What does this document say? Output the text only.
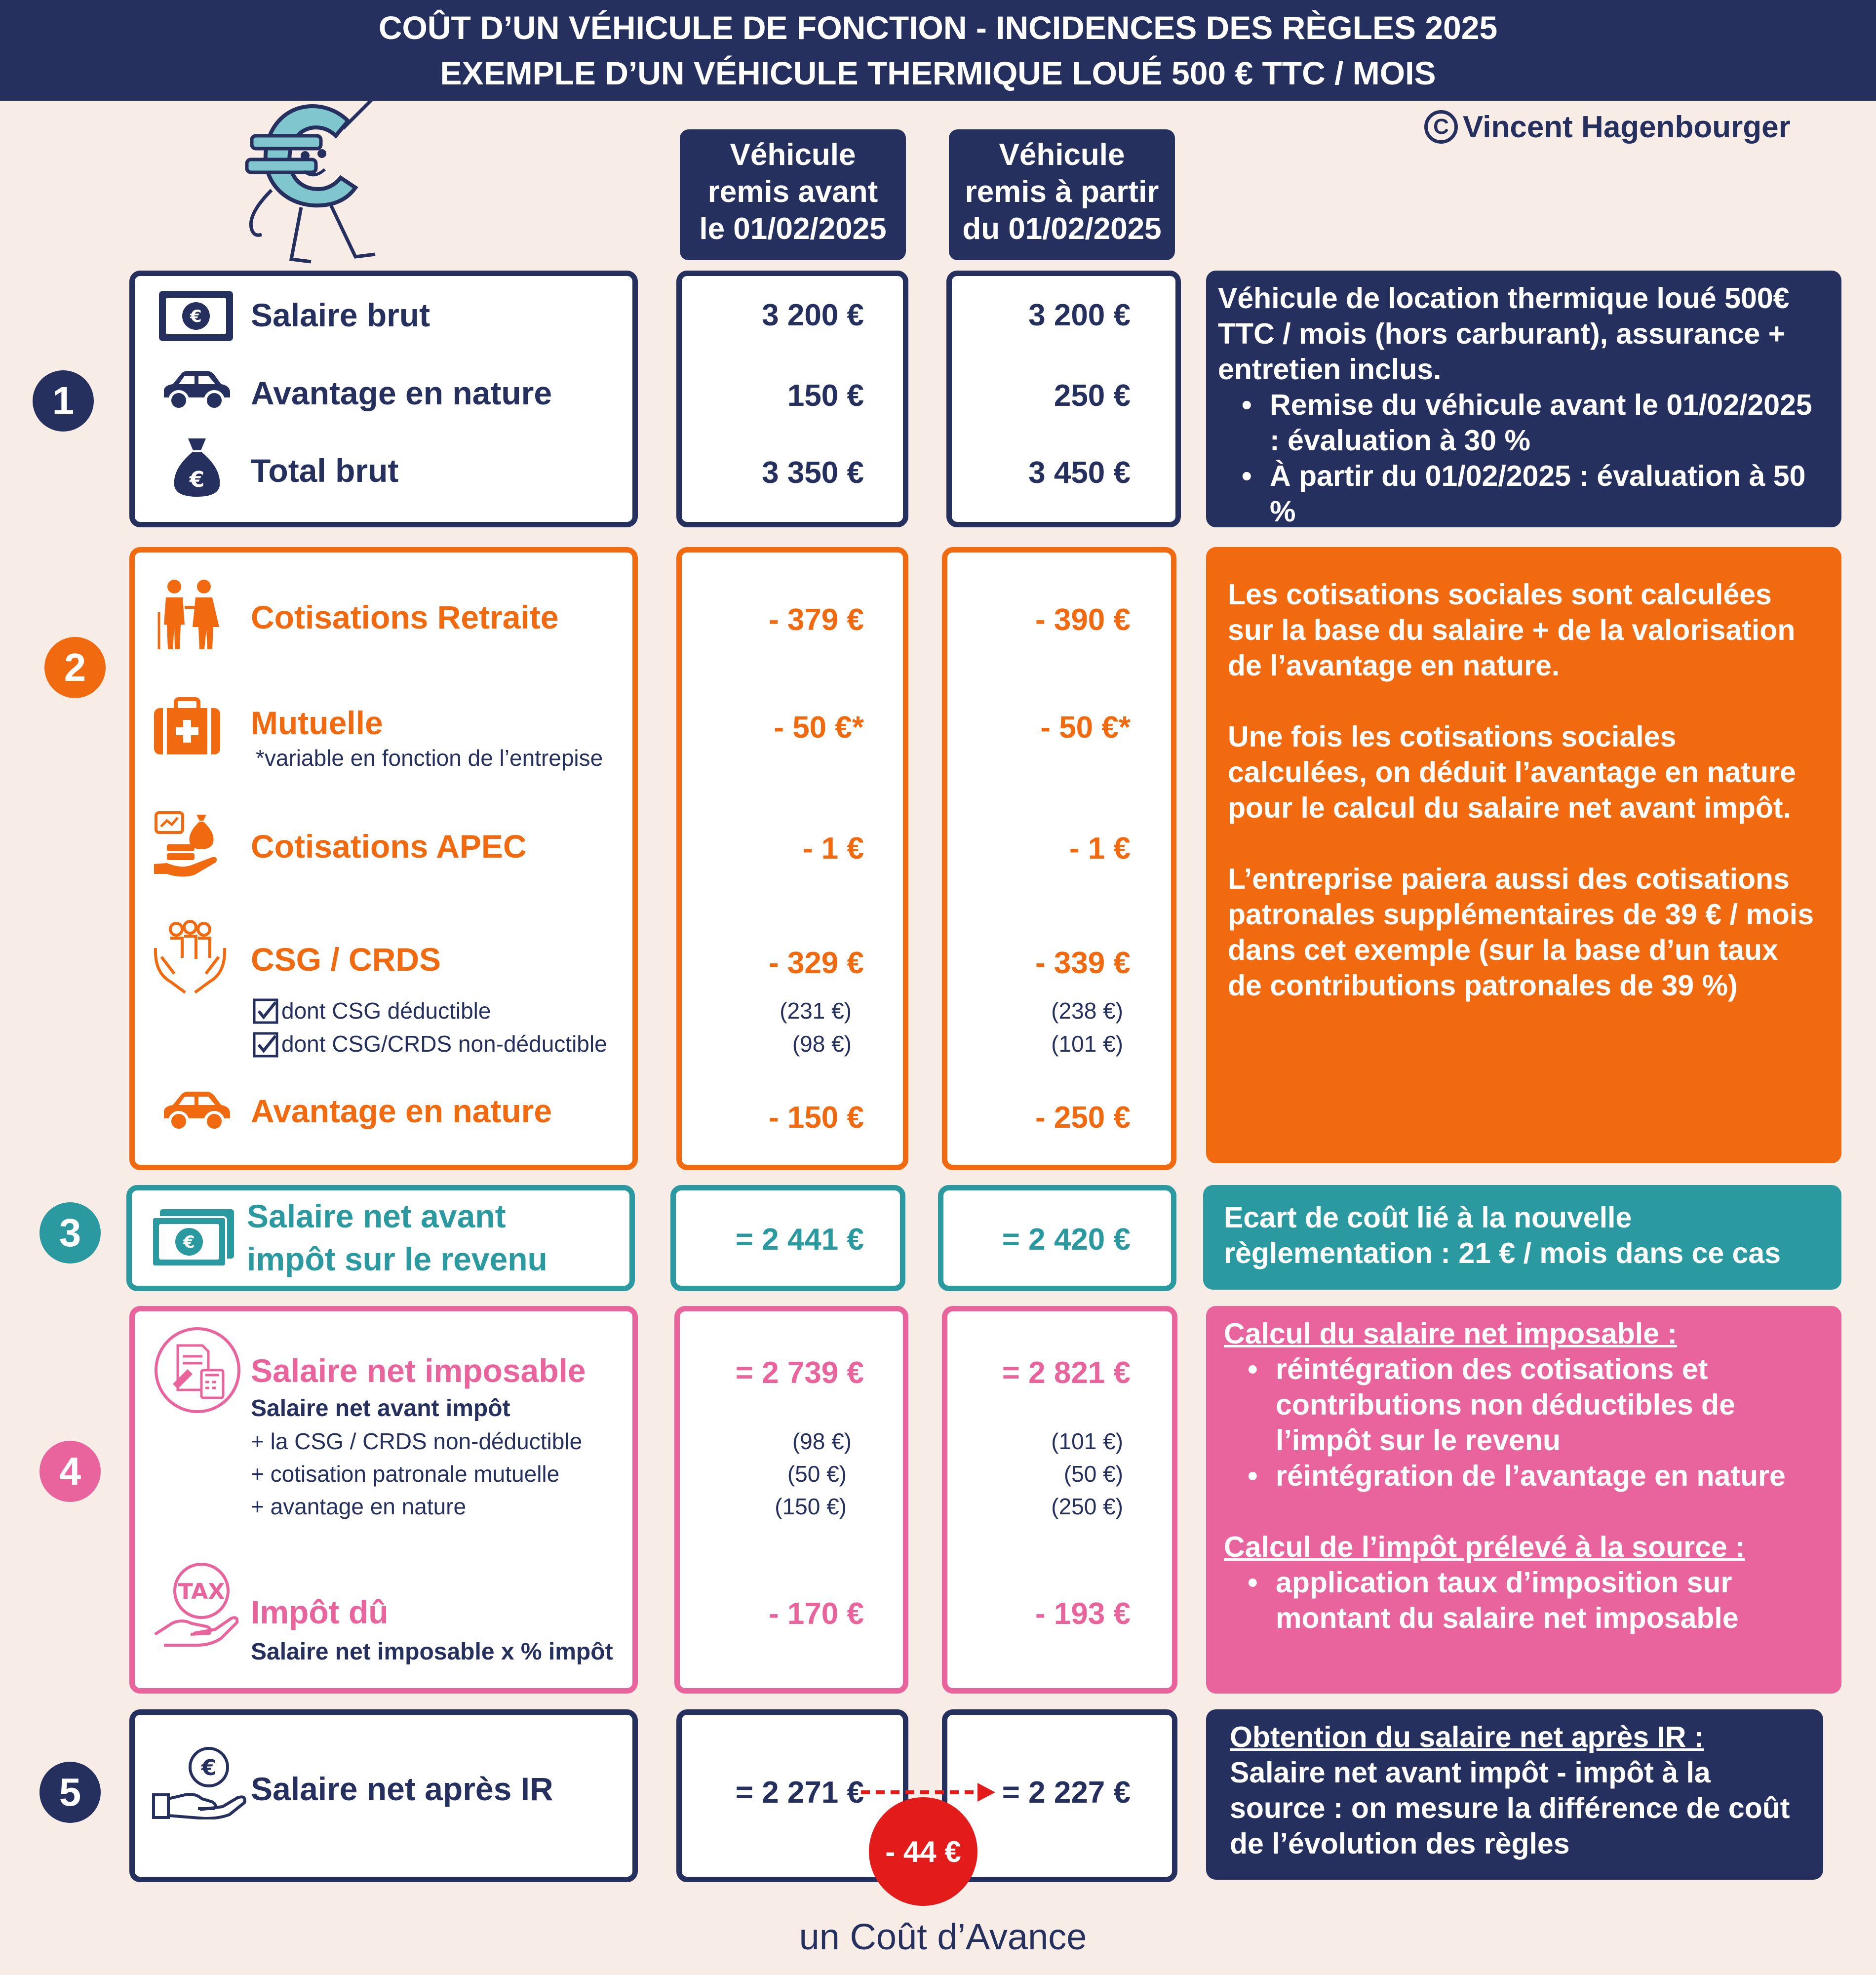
COÛT D’UN VÉHICULE DE FONCTION - INCIDENCES DES RÈGLES 2025
EXEMPLE D’UN VÉHICULE THERMIQUE LOUÉ 500 € TTC / MOIS
C Vincent Hagenbourger
Véhicule
remis avant
le 01/02/2025
Véhicule
remis à partir
du 01/02/2025
1
€ Salaire brut	3 200 €	3 200 €
Avantage en nature	150 €	250 €
€ Total brut	3 350 €	3 450 €
Véhicule de location thermique loué 500€ TTC / mois (hors carburant), assurance + entretien inclus.
• Remise du véhicule avant le 01/02/2025 : évaluation à 30 %
• À partir du 01/02/2025 : évaluation à 50 %
2
Cotisations Retraite	- 379 €	- 390 €
Mutuelle
*variable en fonction de l’entrepise
- 50 €*	- 50 €*
Cotisations APEC	- 1 €	- 1 €
CSG / CRDS	- 329 €	- 339 €
dont CSG déductible	(231 €)	(238 €)
dont CSG/CRDS non-déductible	(98 €)	(101 €)
Avantage en nature	- 150 €	- 250 €
Les cotisations sociales sont calculées sur la base du salaire + de la valorisation de l’avantage en nature.
Une fois les cotisations sociales calculées, on déduit l’avantage en nature pour le calcul du salaire net avant impôt.
L’entreprise paiera aussi des cotisations patronales supplémentaires de 39 € / mois dans cet exemple (sur la base d’un taux de contributions patronales de 39 %)
3	€
Salaire net avant
impôt sur le revenu
= 2 441 €	= 2 420 €
Ecart de coût lié à la nouvelle règlementation : 21 € / mois dans ce cas
4
Salaire net imposable	= 2 739 €	= 2 821 €
Salaire net avant impôt
+ la CSG / CRDS non-déductible	(98 €)	(101 €)
+ cotisation patronale mutuelle	(50 €)	(50 €)
+ avantage en nature	(150 €)	(250 €)
TAX
Impôt dû	- 170 €	- 193 €
Salaire net imposable x % impôt
Calcul du salaire net imposable :
• réintégration des cotisations et contributions non déductibles de l’impôt sur le revenu
• réintégration de l’avantage en nature
Calcul de l’impôt prélevé à la source :
• application taux d’imposition sur montant du salaire net imposable
5
€
Salaire net après IR	= 2 271 €	= 2 227 €
- 44 €
Obtention du salaire net après IR :
Salaire net avant impôt - impôt à la source : on mesure la différence de coût de l’évolution des règles
un Coût d’Avance
